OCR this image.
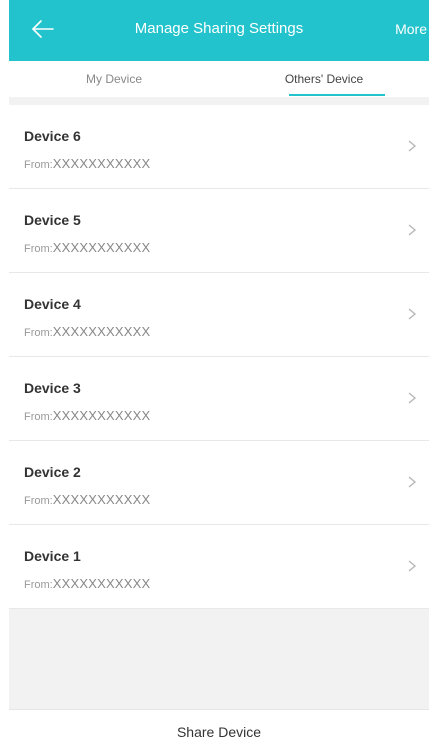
Manage Sharing Settings	More
My Device	Others' Device
Device 6
From:XXXXXXXXXXX
Device 5
From:XXXXXXXXXXX
Device 4
From:XXXXXXXXXXX
Device 3
From:XXXXXXXXXXX
Device 2
From:XXXXXXXXXXX
Device 1
From:XXXXXXXXXXX
Share Device
